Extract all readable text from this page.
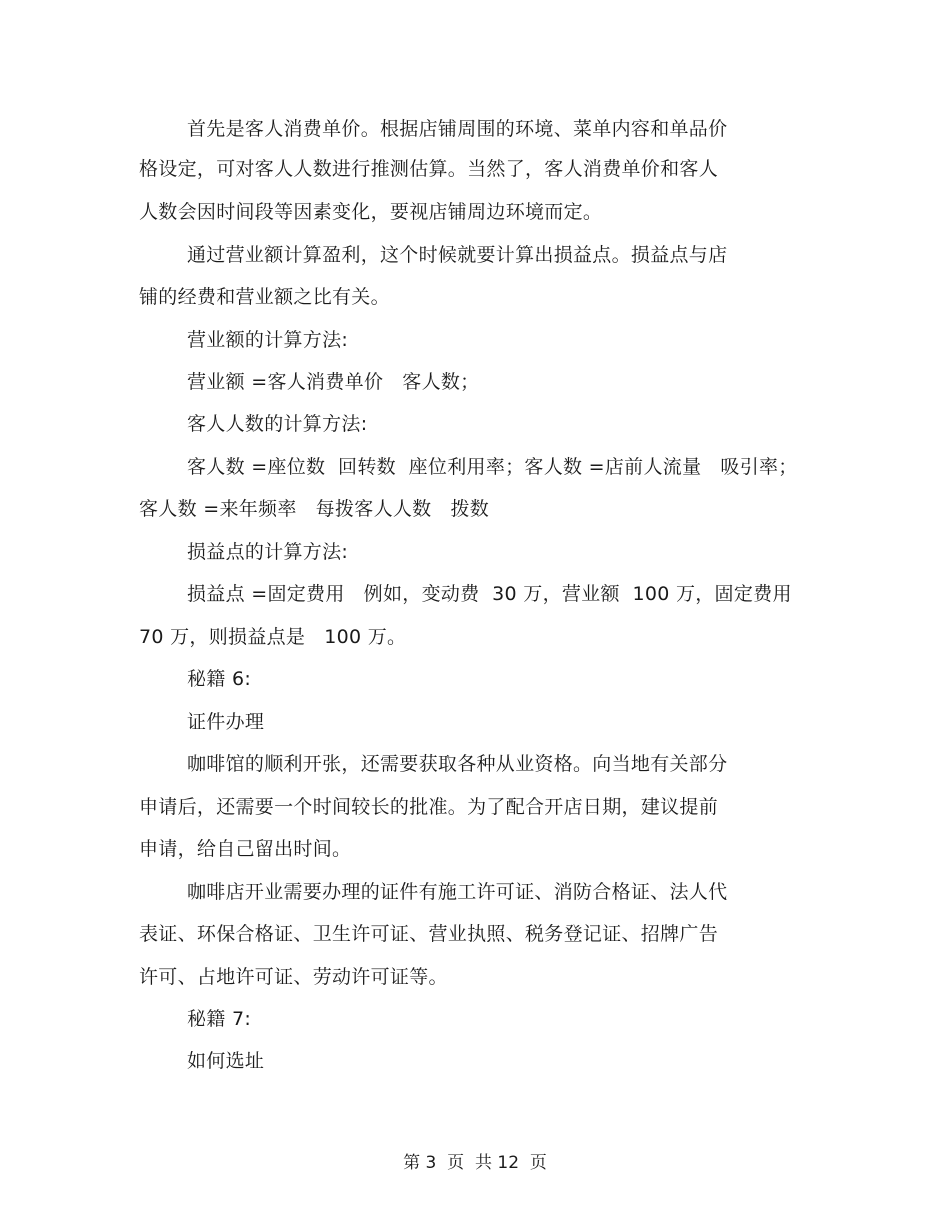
首先是客人消费单价。根据店铺周围的环境、菜单内容和单品价
格设定，可对客人人数进行推测估算。当然了，客人消费单价和客人
人数会因时间段等因素变化，要视店铺周边环境而定。
通过营业额计算盈利，这个时候就要计算出损益点。损益点与店
铺的经费和营业额之比有关。
营业额的计算方法:
营业额 =客人消费单价   客人数；
客人人数的计算方法:
客人数 =座位数  回转数  座位利用率；客人数 =店前人流量   吸引率；
客人数 =来年频率   每拨客人人数   拨数
损益点的计算方法:
损益点 =固定费用   例如，变动费  30 万，营业额  100 万，固定费用
70 万，则损益点是   100 万。
秘籍 6:
证件办理
咖啡馆的顺利开张，还需要获取各种从业资格。向当地有关部分
申请后，还需要一个时间较长的批准。为了配合开店日期，建议提前
申请，给自己留出时间。
咖啡店开业需要办理的证件有施工许可证、消防合格证、法人代
表证、环保合格证、卫生许可证、营业执照、税务登记证、招牌广告
许可、占地许可证、劳动许可证等。
秘籍 7:
如何选址
第 3  页  共 12  页
